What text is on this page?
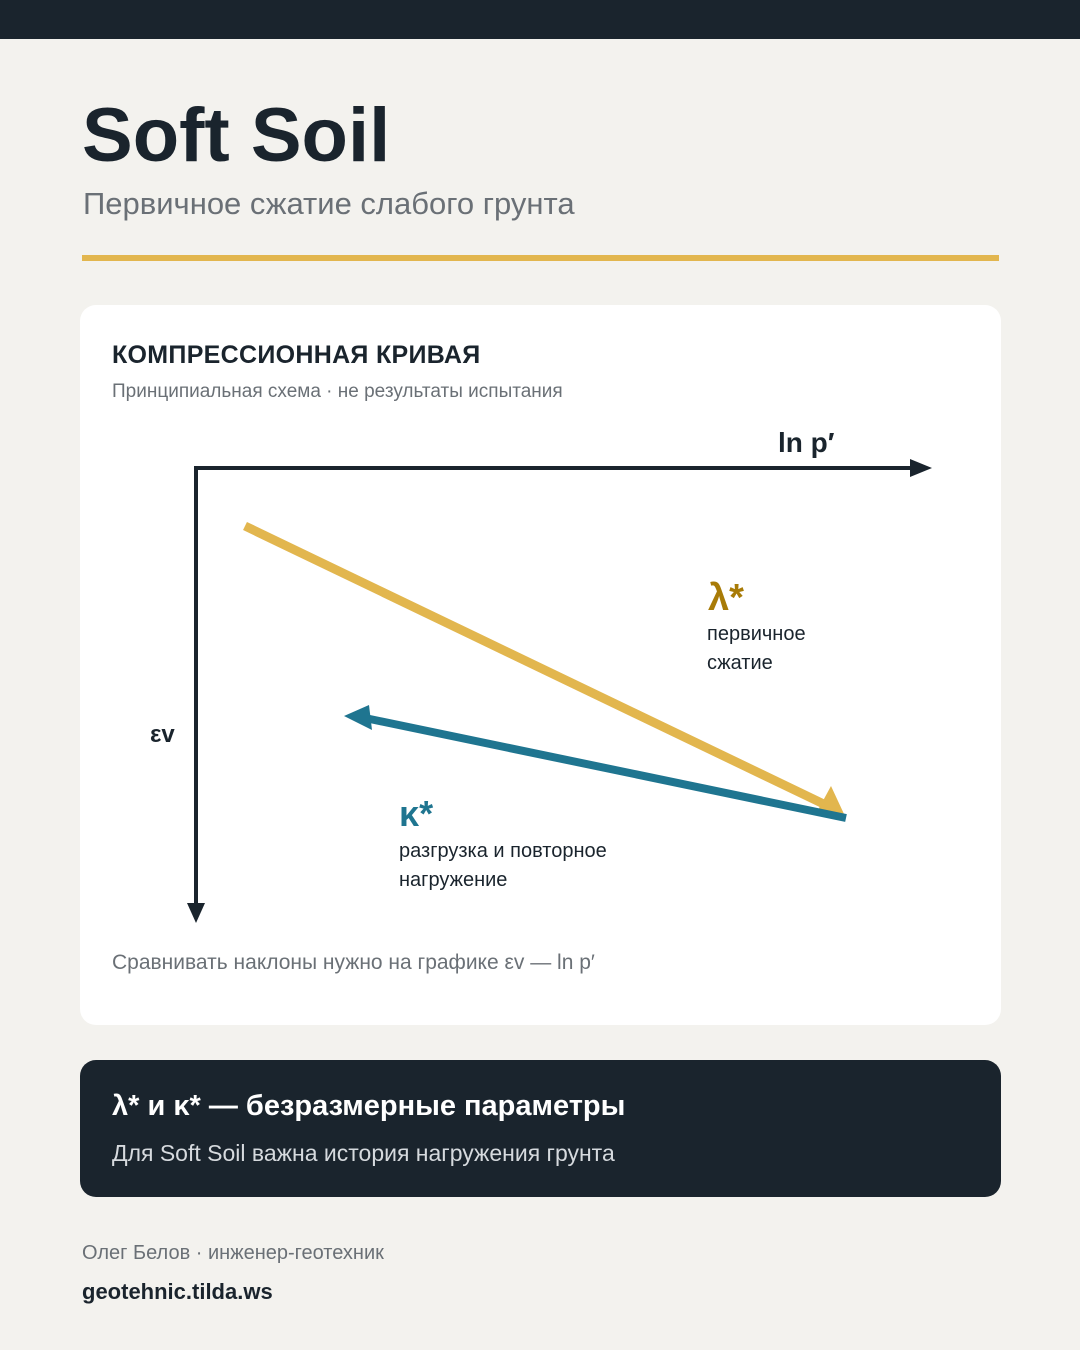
Soft Soil
Первичное сжатие слабого грунта
КОМПРЕССИОННАЯ КРИВАЯ
Принципиальная схема · не результаты испытания
ln p′
εv
λ*
первичное
сжатие
κ*
разгрузка и повторное
нагружение
Сравнивать наклоны нужно на графике εv — ln p′
λ* и κ* — безразмерные параметры
Для Soft Soil важна история нагружения грунта
Олег Белов · инженер-геотехник
geotehnic.tilda.ws
